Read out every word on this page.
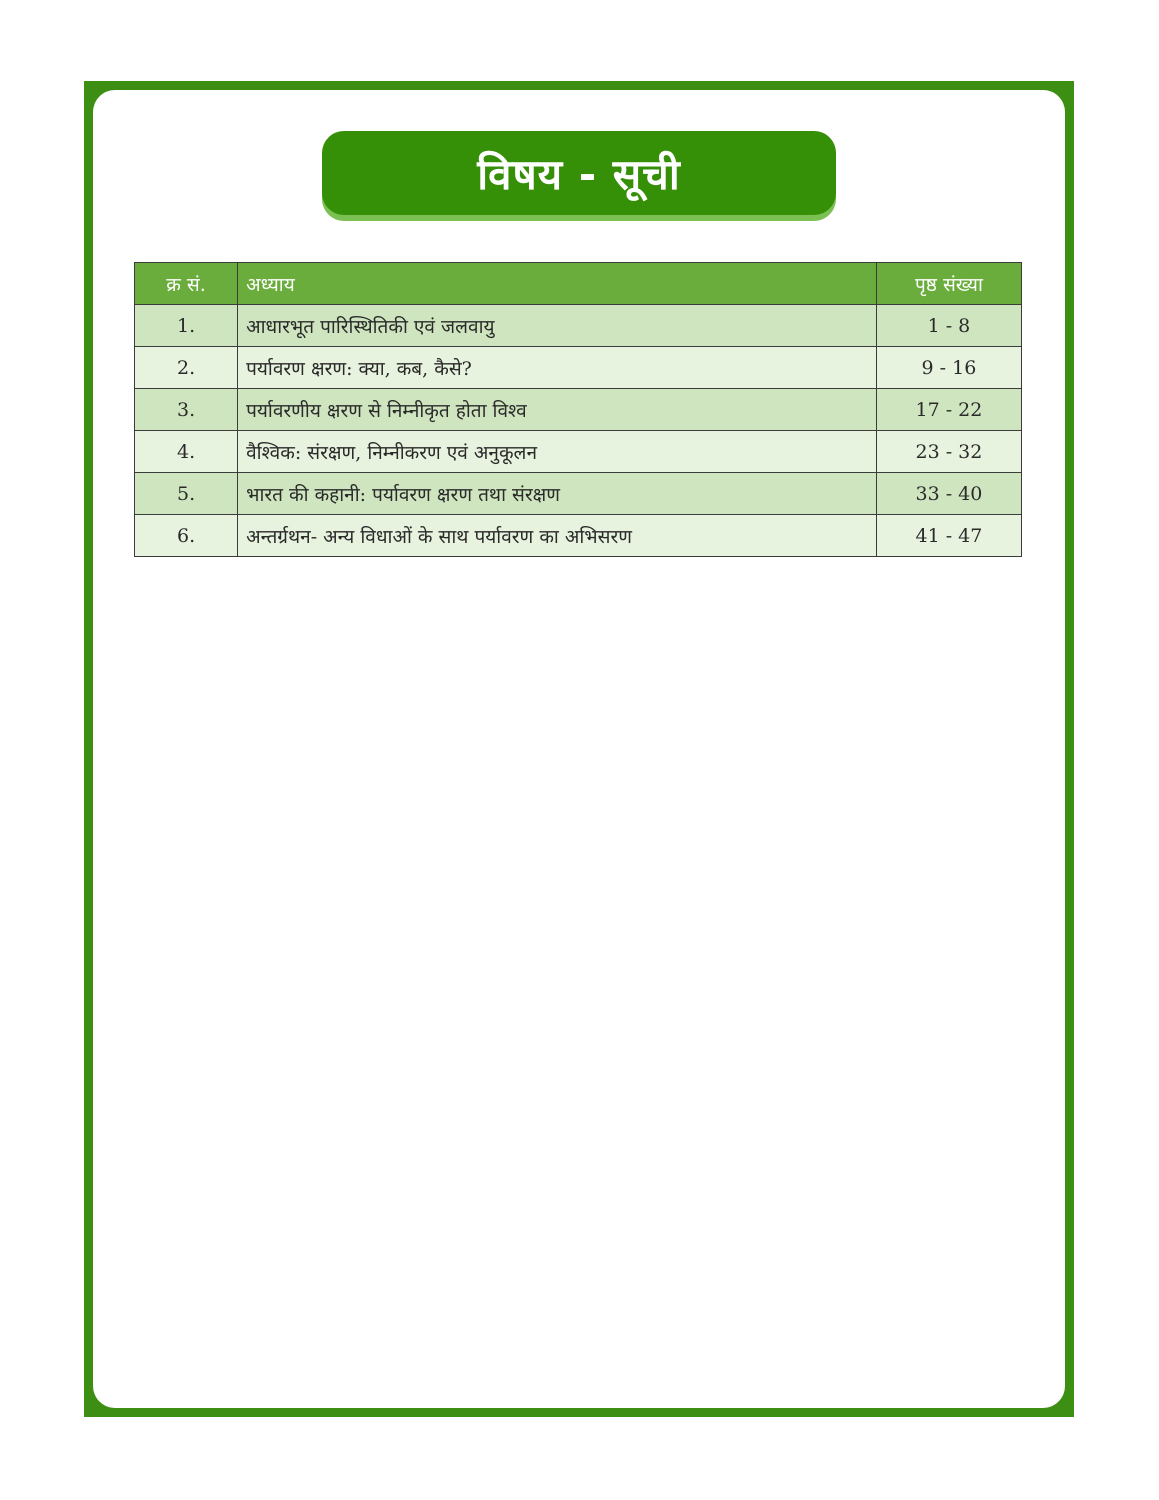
विषय - सूची
क्र सं.	अध्याय	पृष्ठ संख्या
1.	आधारभूत पारिस्थितिकी एवं जलवायु	1 - 8
2.	पर्यावरण क्षरण: क्या, कब, कैसे?	9 - 16
3.	पर्यावरणीय क्षरण से निम्नीकृत होता विश्व	17 - 22
4.	वैश्विक: संरक्षण, निम्नीकरण एवं अनुकूलन	23 - 32
5.	भारत की कहानी: पर्यावरण क्षरण तथा संरक्षण	33 - 40
6.	अन्तर्ग्रथन- अन्य विधाओं के साथ पर्यावरण का अभिसरण	41 - 47
